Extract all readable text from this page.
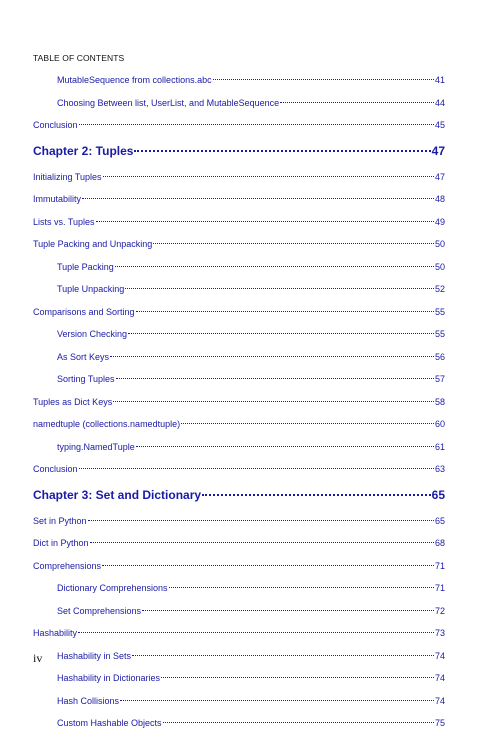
TABLE OF CONTENTS
MutableSequence from collections.abc	41
Choosing Between list, UserList, and MutableSequence	44
Conclusion	45
Chapter 2: Tuples	47
Initializing Tuples	47
Immutability	48
Lists vs. Tuples	49
Tuple Packing and Unpacking	50
Tuple Packing	50
Tuple Unpacking	52
Comparisons and Sorting	55
Version Checking	55
As Sort Keys	56
Sorting Tuples	57
Tuples as Dict Keys	58
namedtuple (collections.namedtuple)	60
typing.NamedTuple	61
Conclusion	63
Chapter 3: Set and Dictionary	65
Set in Python	65
Dict in Python	68
Comprehensions	71
Dictionary Comprehensions	71
Set Comprehensions	72
Hashability	73
Hashability in Sets	74
Hashability in Dictionaries	74
Hash Collisions	74
Custom Hashable Objects	75
iv
